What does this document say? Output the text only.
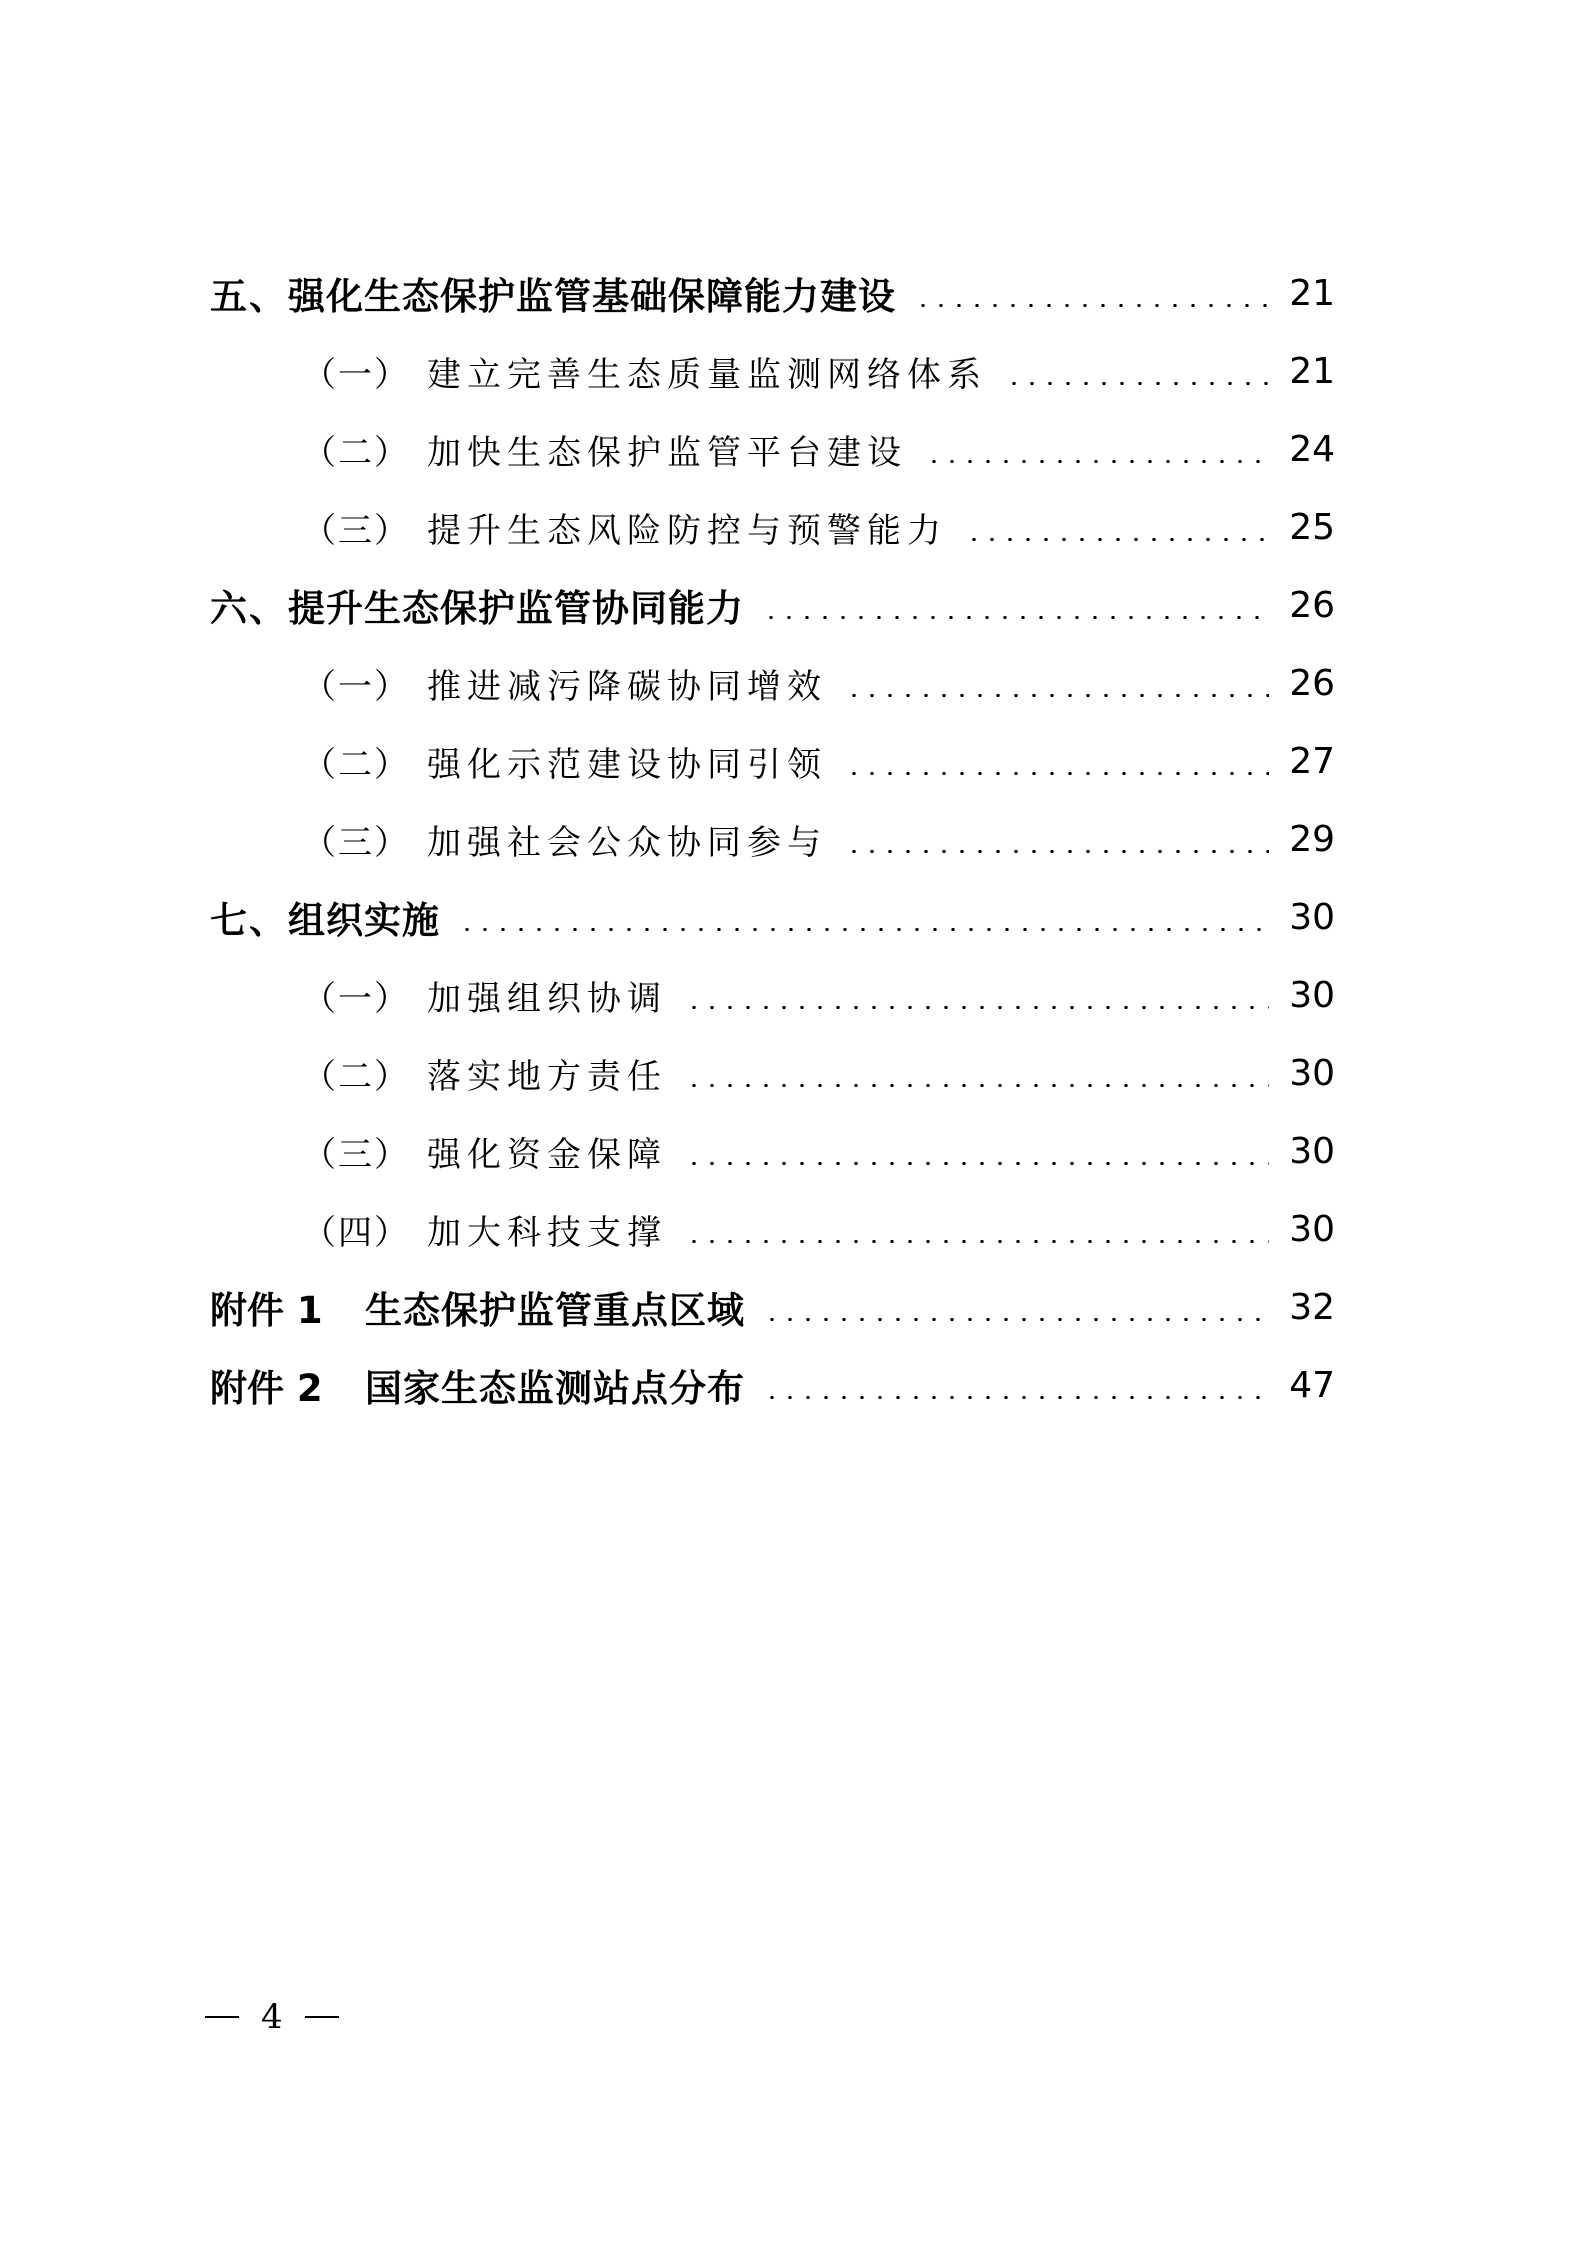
五、 强化生态保护监管基础保障能力建设	21
（一） 建立完善生态质量监测网络体系	21
（二） 加快生态保护监管平台建设	24
（三） 提升生态风险防控与预警能力	25
六、 提升生态保护监管协同能力	26
（一） 推进减污降碳协同增效	26
（二） 强化示范建设协同引领	27
（三） 加强社会公众协同参与	29
七、 组织实施	30
（一） 加强组织协调	30
（二） 落实地方责任	30
（三） 强化资金保障	30
（四） 加大科技支撑	30
附件 1	生态保护监管重点区域	32
附件 2	国家生态监测站点分布	47
4
